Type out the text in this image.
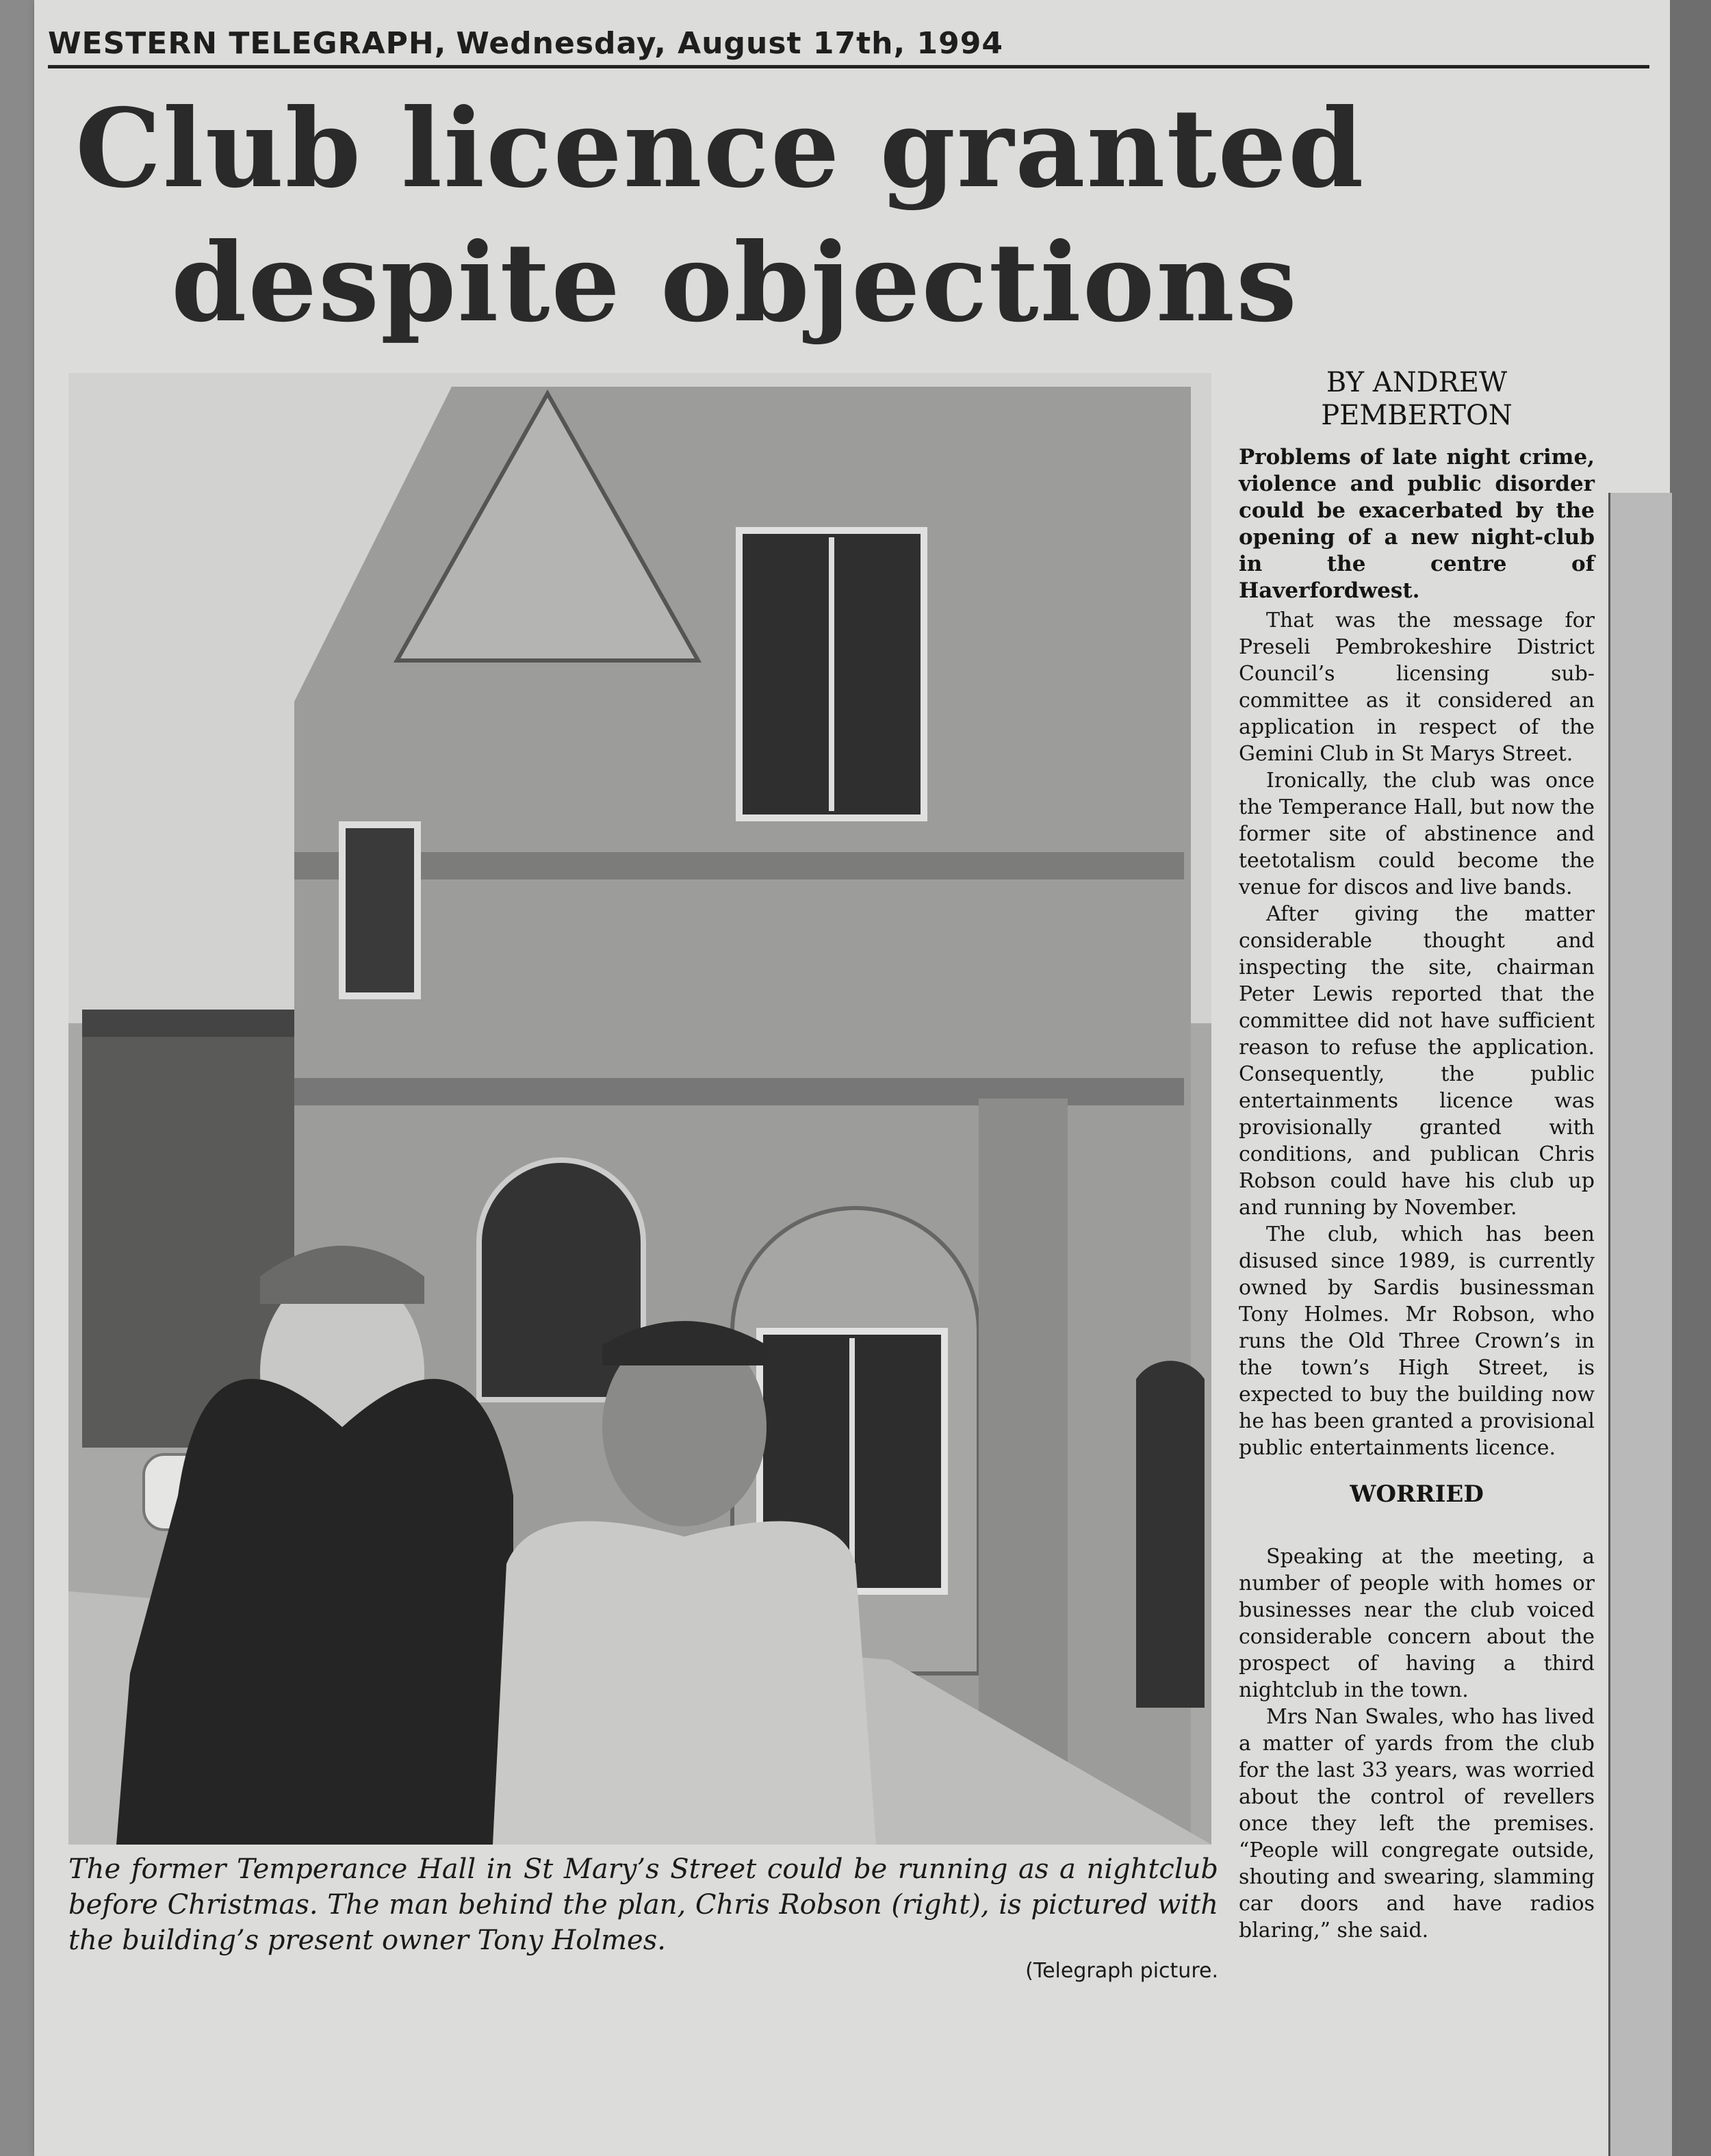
WESTERN TELEGRAPH, Wednesday, August 17th, 1994
Club licence granted
despite objections
The former Temperance Hall in St Mary’s Street could be running as a nightclub before Christmas. The man behind the plan, Chris Robson (right), is pictured with the building’s present owner Tony Holmes.
(Telegraph picture.
BY ANDREW
PEMBERTON

Problems of late night crime, violence and public disorder could be exacerbated by the opening of a new night-club in the centre of Haverfordwest.

That was the message for Preseli Pembrokeshire District Council’s licensing sub-committee as it considered an application in respect of the Gemini Club in St Marys Street.

Ironically, the club was once the Temperance Hall, but now the former site of abstinence and teetotalism could become the venue for discos and live bands.

After giving the matter considerable thought and inspecting the site, chairman Peter Lewis reported that the committee did not have sufficient reason to refuse the application. Consequently, the public entertainments licence was provisionally granted with conditions, and publican Chris Robson could have his club up and running by November.

The club, which has been disused since 1989, is currently owned by Sardis businessman Tony Holmes. Mr Robson, who runs the Old Three Crown’s in the town’s High Street, is expected to buy the building now he has been granted a provisional public entertainments licence.

WORRIED

Speaking at the meeting, a number of people with homes or businesses near the club voiced considerable concern about the prospect of having a third nightclub in the town.

Mrs Nan Swales, who has lived a matter of yards from the club for the last 33 years, was worried about the control of revellers once they left the premises. “People will congregate outside, shouting and swearing, slamming car doors and have radios blaring,” she said.
